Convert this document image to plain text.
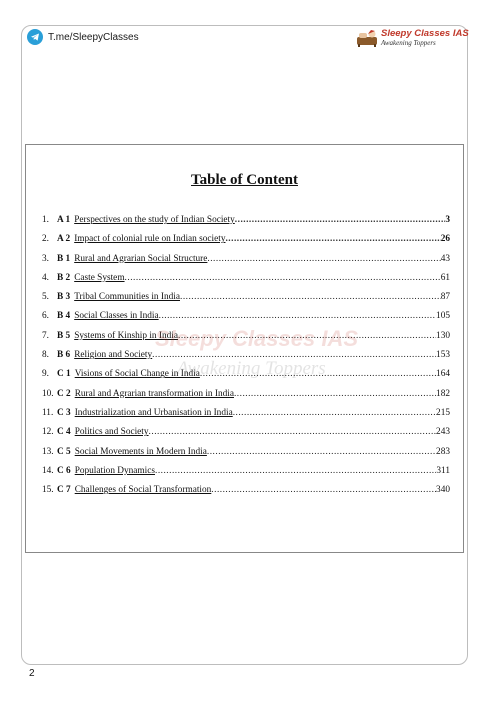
T.me/SleepyClasses	Sleepy Classes IAS
Awakening Toppers
Table of Content
1. A 1 Perspectives on the study of Indian Society .....	3
2. A 2 Impact of colonial rule on Indian society .....	26
3. B 1 Rural and Agrarian Social Structure .....	43
4. B 2 Caste System .....	61
5. B 3 Tribal Communities in India .....	87
6. B 4 Social Classes in India .....	105
7. B 5 Systems of Kinship in India .....	130
8. B 6 Religion and Society .....	153
9. C 1 Visions of Social Change in India .....	164
10. C 2 Rural and Agrarian transformation in India .....	182
11. C 3 Industrialization and Urbanisation in India .....	215
12. C 4 Politics and Society .....	243
13. C 5 Social Movements in Modern India .....	283
14. C 6 Population Dynamics .....	311
15. C 7 Challenges of Social Transformation .....	340
Sleepy Classes IAS
Awakening Toppers
2
